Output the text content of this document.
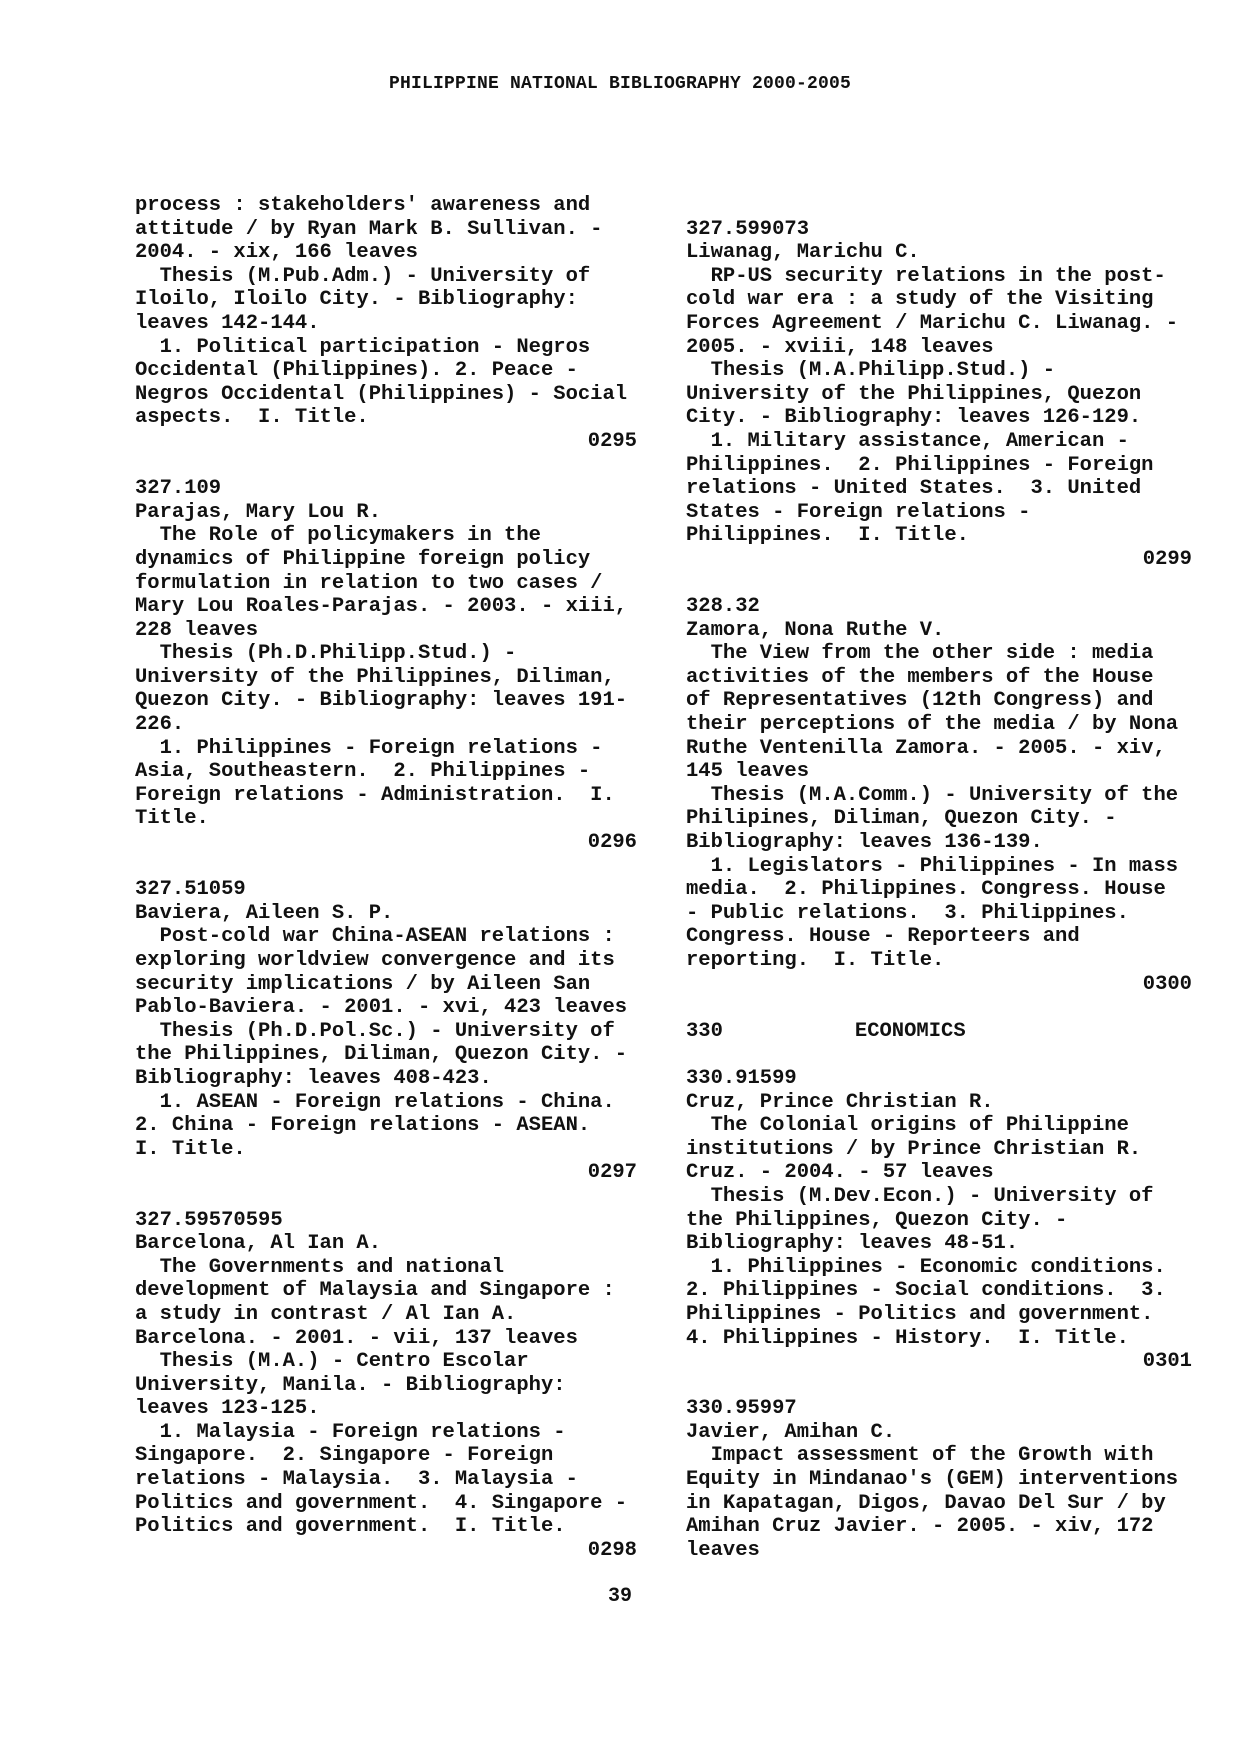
PHILIPPINE NATIONAL BIBLIOGRAPHY 2000-2005
process : stakeholders' awareness and
attitude / by Ryan Mark B. Sullivan. -
2004. - xix, 166 leaves
Thesis (M.Pub.Adm.) - University of
Iloilo, Iloilo City. - Bibliography:
leaves 142-144.
1. Political participation - Negros
Occidental (Philippines). 2. Peace -
Negros Occidental (Philippines) - Social
aspects.  I. Title.
0295
327.109
Parajas, Mary Lou R.
The Role of policymakers in the
dynamics of Philippine foreign policy
formulation in relation to two cases /
Mary Lou Roales-Parajas. - 2003. - xiii,
228 leaves
Thesis (Ph.D.Philipp.Stud.) -
University of the Philippines, Diliman,
Quezon City. - Bibliography: leaves 191-
226.
1. Philippines - Foreign relations -
Asia, Southeastern.  2. Philippines -
Foreign relations - Administration.  I.
Title.
0296
327.51059
Baviera, Aileen S. P.
Post-cold war China-ASEAN relations :
exploring worldview convergence and its
security implications / by Aileen San
Pablo-Baviera. - 2001. - xvi, 423 leaves
Thesis (Ph.D.Pol.Sc.) - University of
the Philippines, Diliman, Quezon City. -
Bibliography: leaves 408-423.
1. ASEAN - Foreign relations - China.
2. China - Foreign relations - ASEAN.
I. Title.
0297
327.59570595
Barcelona, Al Ian A.
The Governments and national
development of Malaysia and Singapore :
a study in contrast / Al Ian A.
Barcelona. - 2001. - vii, 137 leaves
Thesis (M.A.) - Centro Escolar
University, Manila. - Bibliography:
leaves 123-125.
1. Malaysia - Foreign relations -
Singapore.  2. Singapore - Foreign
relations - Malaysia.  3. Malaysia -
Politics and government.  4. Singapore -
Politics and government.  I. Title.
0298
327.599073
Liwanag, Marichu C.
RP-US security relations in the post-
cold war era : a study of the Visiting
Forces Agreement / Marichu C. Liwanag. -
2005. - xviii, 148 leaves
Thesis (M.A.Philipp.Stud.) -
University of the Philippines, Quezon
City. - Bibliography: leaves 126-129.
1. Military assistance, American -
Philippines.  2. Philippines - Foreign
relations - United States.  3. United
States - Foreign relations -
Philippines.  I. Title.
0299
328.32
Zamora, Nona Ruthe V.
The View from the other side : media
activities of the members of the House
of Representatives (12th Congress) and
their perceptions of the media / by Nona
Ruthe Ventenilla Zamora. - 2005. - xiv,
145 leaves
Thesis (M.A.Comm.) - University of the
Philipines, Diliman, Quezon City. -
Bibliography: leaves 136-139.
1. Legislators - Philippines - In mass
media.  2. Philippines. Congress. House
- Public relations.  3. Philippines.
Congress. House - Reporteers and
reporting.  I. Title.
0300
330	ECONOMICS
330.91599
Cruz, Prince Christian R.
The Colonial origins of Philippine
institutions / by Prince Christian R.
Cruz. - 2004. - 57 leaves
Thesis (M.Dev.Econ.) - University of
the Philippines, Quezon City. -
Bibliography: leaves 48-51.
1. Philippines - Economic conditions.
2. Philippines - Social conditions.  3.
Philippines - Politics and government.
4. Philippines - History.  I. Title.
0301
330.95997
Javier, Amihan C.
Impact assessment of the Growth with
Equity in Mindanao's (GEM) interventions
in Kapatagan, Digos, Davao Del Sur / by
Amihan Cruz Javier. - 2005. - xiv, 172
leaves
39
